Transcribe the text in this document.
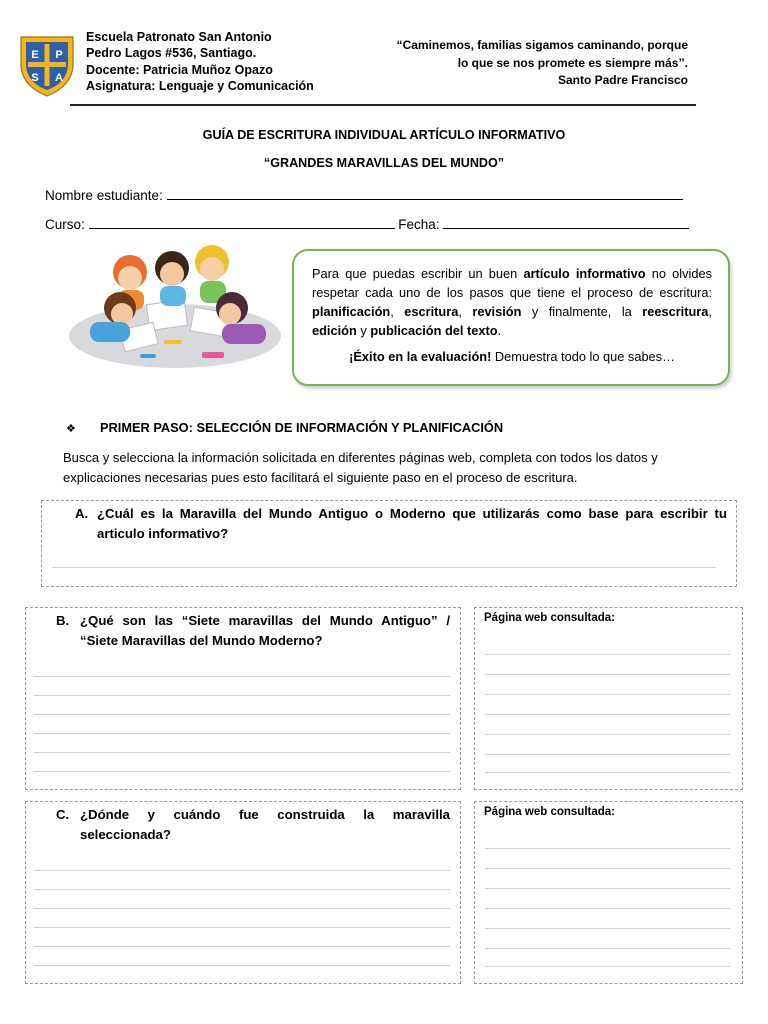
E P
S A
Escuela Patronato San Antonio
Pedro Lagos #536, Santiago.
Docente: Patricia Muñoz Opazo
Asignatura: Lenguaje y Comunicación
“Caminemos, familias sigamos caminando, porque
lo que se nos promete es siempre más’’.
Santo Padre Francisco
GUÍA DE ESCRITURA INDIVIDUAL ARTÍCULO INFORMATIVO
“GRANDES MARAVILLAS DEL MUNDO”
Nombre estudiante:
Curso:	Fecha:
Para que puedas escribir un buen artículo informativo no olvides respetar cada uno de los pasos que tiene el proceso de escritura: planificación, escritura, revisión y finalmente, la reescritura, edición y publicación del texto.
¡Éxito en la evaluación! Demuestra todo lo que sabes…
❖ PRIMER PASO: SELECCIÓN DE INFORMACIÓN Y PLANIFICACIÓN
Busca y selecciona la información solicitada en diferentes páginas web, completa con todos los datos y explicaciones necesarias pues esto facilitará el siguiente paso en el proceso de escritura.
A. ¿Cuál es la Maravilla del Mundo Antiguo o Moderno que utilizarás como base para escribir tu articulo informativo?
B. ¿Qué son las “Siete maravillas del Mundo Antiguo” / “Siete Maravillas del Mundo Moderno?
Página web consultada:
C. ¿Dónde y cuándo fue construida la maravilla seleccionada?
Página web consultada:
